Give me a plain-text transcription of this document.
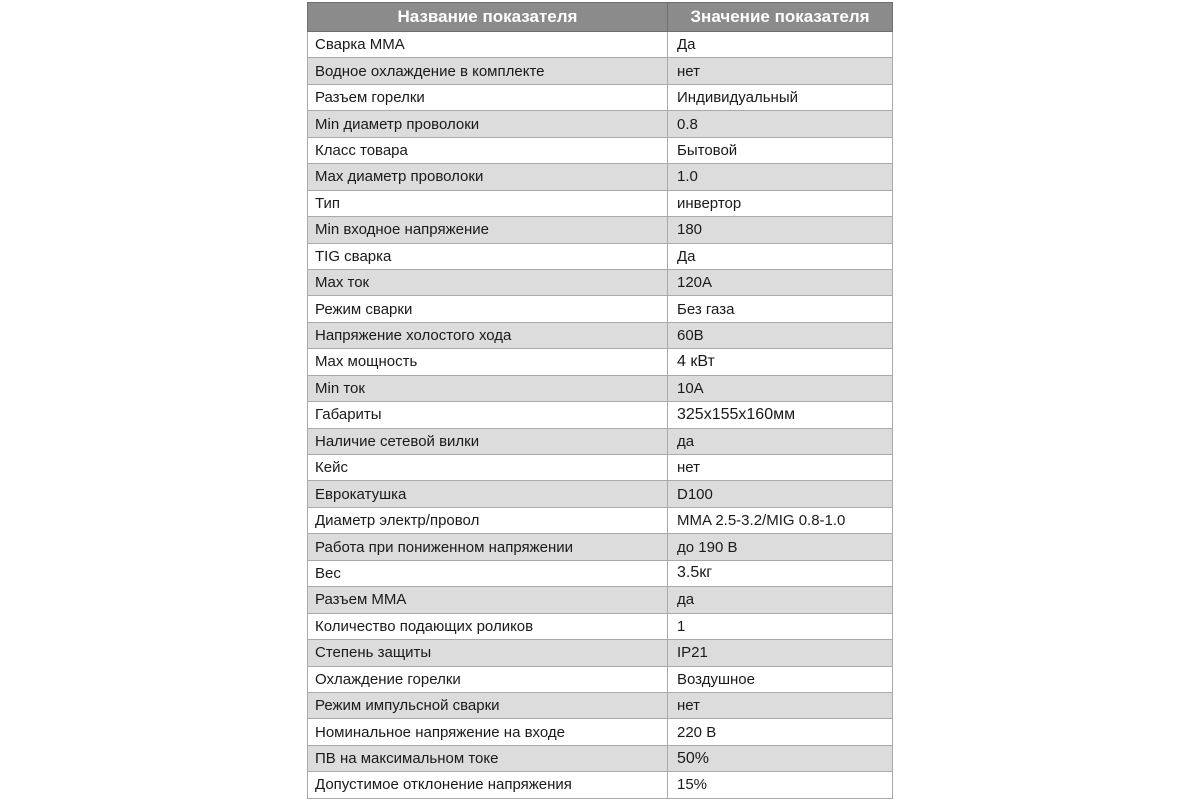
Название показателя	Значение показателя
Сварка ММА	Да
Водное охлаждение в комплекте	нет
Разъем горелки	Индивидуальный
Min диаметр проволоки	0.8
Класс товара	Бытовой
Max диаметр проволоки	1.0
Тип	инвертор
Min входное напряжение	180
TIG сварка	Да
Max ток	120А
Режим сварки	Без газа
Напряжение холостого хода	60В
Max мощность	4 кВт
Min ток	10А
Габариты	325х155х160мм
Наличие сетевой вилки	да
Кейс	нет
Еврокатушка	D100
Диаметр электр/провол	MMA 2.5-3.2/MIG 0.8-1.0
Работа при пониженном напряжении	до 190 В
Вес	3.5кг
Разъем ММА	да
Количество подающих роликов	1
Степень защиты	IP21
Охлаждение горелки	Воздушное
Режим импульсной сварки	нет
Номинальное напряжение на входе	220 В
ПВ на максимальном токе	50%
Допустимое отклонение напряжения	15%
